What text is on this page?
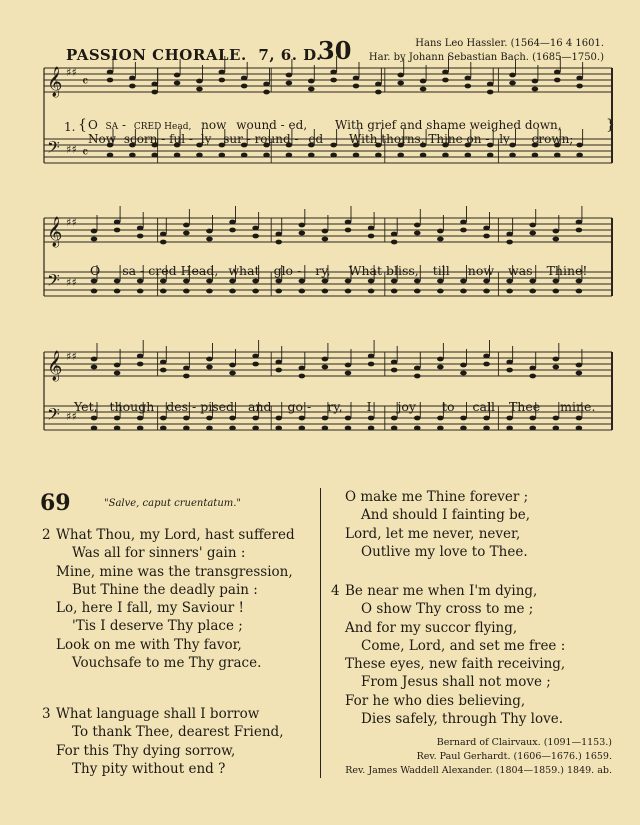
PASSION CHORALE. 7, 6. D.
30	Hans Leo Hassler. (1564—16 4 1601.
Har. by Johann Sebastian Bach. (1685—1750.)
𝄞 ♯♯
𝄴
𝄢 ♯♯ 𝄴
𝄞 ♯♯
𝄢 ♯♯
𝄞 ♯♯
𝄢 ♯♯
1. { O SA - CRED Head, now wound - ed, With grief and shame weighed down,
Now scorn - ful - ly sur - round - ed With thorns, Thine on - ly crown;
}
O sa - cred Head, what glo - ry, What bliss, till now was Thine!
Yet, though des - pised and go - ry, I joy to call Thee mine.
69	"Salve, caput cruentatum."
2 What Thou, my Lord, hast suffered
Was all for sinners' gain :
Mine, mine was the transgression,
But Thine the deadly pain :
Lo, here I fall, my Saviour !
'Tis I deserve Thy place ;
Look on me with Thy favor,
Vouchsafe to me Thy grace.
3 What language shall I borrow
To thank Thee, dearest Friend,
For this Thy dying sorrow,
Thy pity without end ?
O make me Thine forever ;
And should I fainting be,
Lord, let me never, never,
Outlive my love to Thee.
4 Be near me when I'm dying,
O show Thy cross to me ;
And for my succor flying,
Come, Lord, and set me free :
These eyes, new faith receiving,
From Jesus shall not move ;
For he who dies believing,
Dies safely, through Thy love.
Bernard of Clairvaux. (1091—1153.)
Rev. Paul Gerhardt. (1606—1676.) 1659.
Rev. James Waddell Alexander. (1804—1859.) 1849. ab.
